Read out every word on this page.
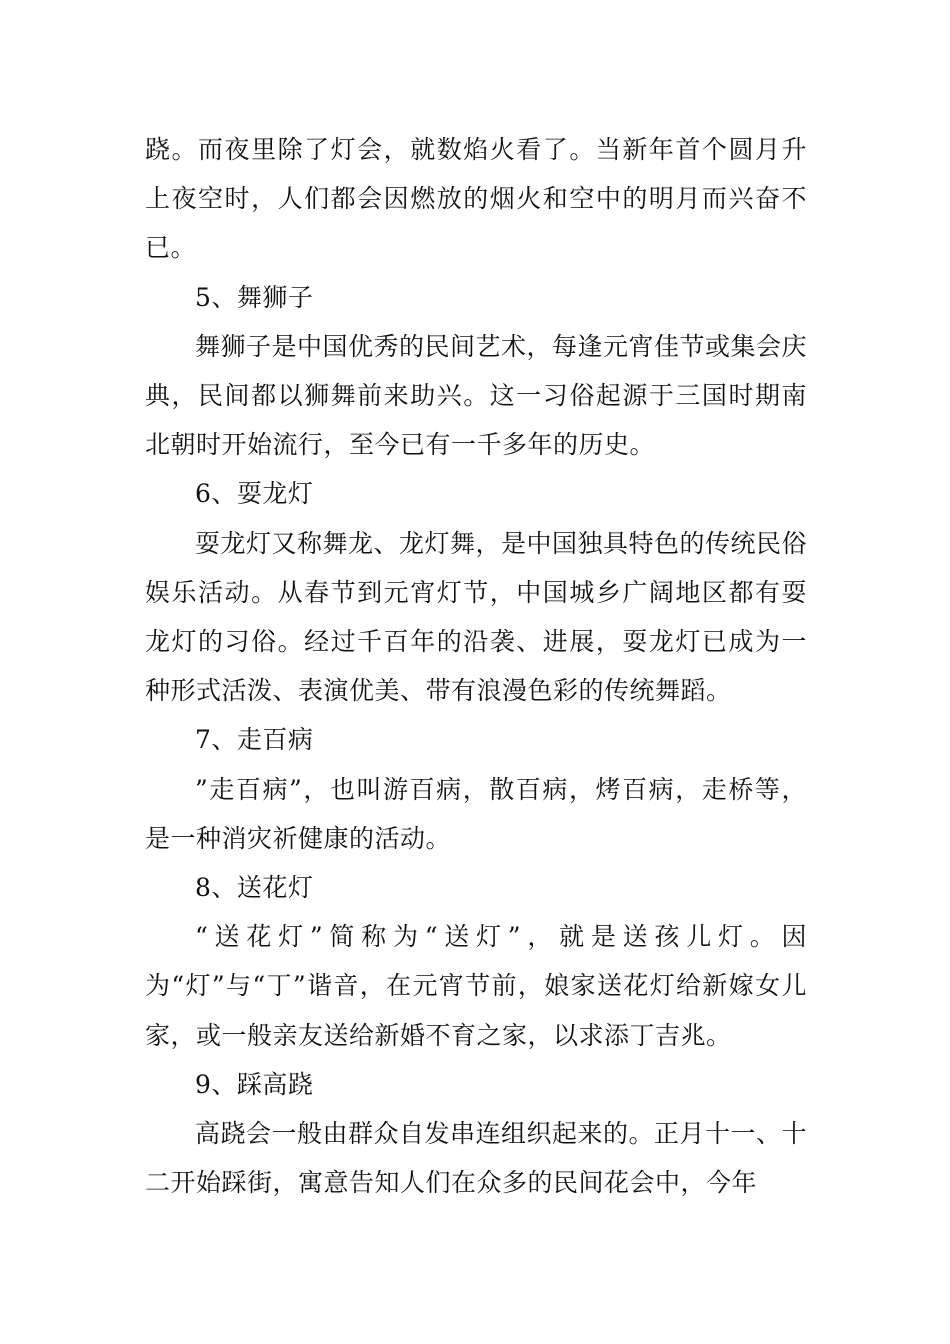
跷。而夜里除了灯会，就数焰火看了。当新年首个圆月升上夜空时，人们都会因燃放的烟火和空中的明月而兴奋不已。

5、舞狮子

舞狮子是中国优秀的民间艺术，每逢元宵佳节或集会庆典，民间都以狮舞前来助兴。这一习俗起源于三国时期南北朝时开始流行，至今已有一千多年的历史。

6、耍龙灯

耍龙灯又称舞龙、龙灯舞，是中国独具特色的传统民俗娱乐活动。从春节到元宵灯节，中国城乡广阔地区都有耍龙灯的习俗。经过千百年的沿袭、进展，耍龙灯已成为一种形式活泼、表演优美、带有浪漫色彩的传统舞蹈。

7、走百病

”走百病”，也叫游百病，散百病，烤百病，走桥等，是一种消灾祈健康的活动。

8、送花灯

“送花灯”简称为“送灯”，就是送孩儿灯。因为“灯”与“丁”谐音，在元宵节前，娘家送花灯给新嫁女儿家，或一般亲友送给新婚不育之家，以求添丁吉兆。

9、踩高跷

高跷会一般由群众自发串连组织起来的。正月十一、十二开始踩街，寓意告知人们在众多的民间花会中，今年
